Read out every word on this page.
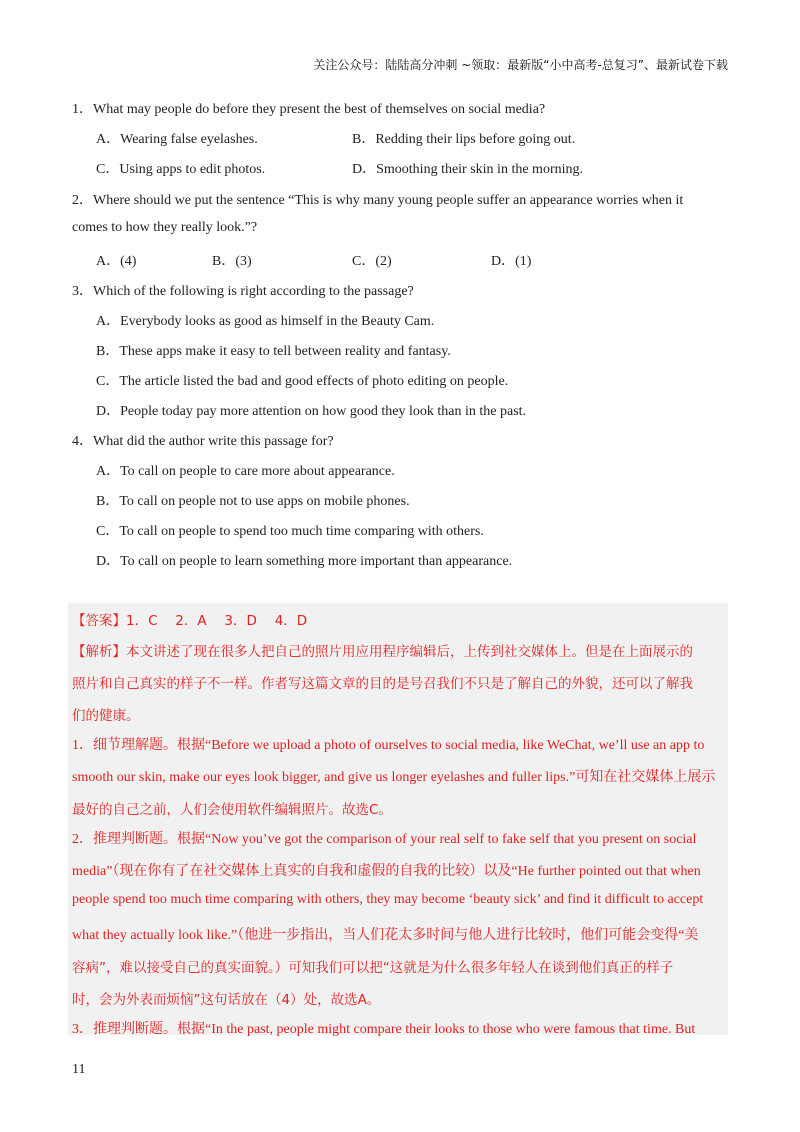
关注公众号：陆陆高分冲刺 ~领取：最新版“小中高考-总复习”、最新试卷下载
1．What may people do before they present the best of themselves on social media?
A．Wearing false eyelashes.	B．Redding their lips before going out.
C．Using apps to edit photos.	D．Smoothing their skin in the morning.
2．Where should we put the sentence “This is why many young people suffer an appearance worries when it
comes to how they really look.”?
A．(4)	B．(3)	C．(2)	D．(1)
3．Which of the following is right according to the passage?
A．Everybody looks as good as himself in the Beauty Cam.
B．These apps make it easy to tell between reality and fantasy.
C．The article listed the bad and good effects of photo editing on people.
D．People today pay more attention on how good they look than in the past.
4．What did the author write this passage for?
A．To call on people to care more about appearance.
B．To call on people not to use apps on mobile phones.
C．To call on people to spend too much time comparing with others.
D．To call on people to learn something more important than appearance.
【答案】1．C　 2．A　 3．D　 4．D
【解析】本文讲述了现在很多人把自己的照片用应用程序编辑后，上传到社交媒体上。但是在上面展示的
照片和自己真实的样子不一样。作者写这篇文章的目的是号召我们不只是了解自己的外貌，还可以了解我
们的健康。
1．细节理解题。根据“Before we upload a photo of ourselves to social media, like WeChat, we’ll use an app to
smooth our skin, make our eyes look bigger, and give us longer eyelashes and fuller lips.”可知在社交媒体上展示
最好的自己之前，人们会使用软件编辑照片。故选C。
2．推理判断题。根据“Now you’ve got the comparison of your real self to fake self that you present on social
media”（现在你有了在社交媒体上真实的自我和虚假的自我的比较）以及“He further pointed out that when
people spend too much time comparing with others, they may become ‘beauty sick’ and find it difficult to accept
what they actually look like.”（他进一步指出，当人们花太多时间与他人进行比较时，他们可能会变得“美
容病”，难以接受自己的真实面貌。）可知我们可以把“这就是为什么很多年轻人在谈到他们真正的样子
时，会为外表而烦恼”这句话放在（4）处，故选A。
3．推理判断题。根据“In the past, people might compare their looks to those who were famous that time. But
11
